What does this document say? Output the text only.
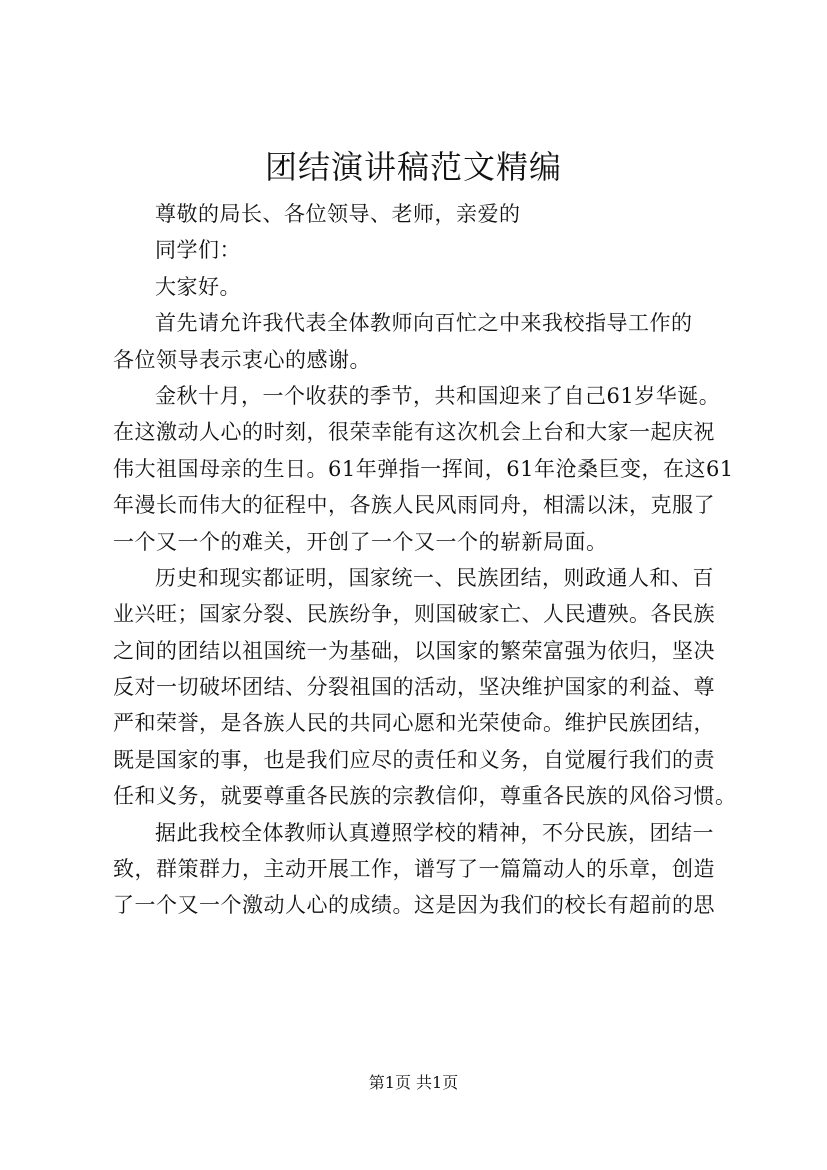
团结演讲稿范文精编
尊敬的局长、各位领导、老师，亲爱的
同学们：
大家好。
首先请允许我代表全体教师向百忙之中来我校指导工作的
各位领导表示衷心的感谢。
金秋十月，一个收获的季节，共和国迎来了自己61岁华诞。
在这激动人心的时刻，很荣幸能有这次机会上台和大家一起庆祝
伟大祖国母亲的生日。61年弹指一挥间，61年沧桑巨变，在这61
年漫长而伟大的征程中，各族人民风雨同舟，相濡以沫，克服了
一个又一个的难关，开创了一个又一个的崭新局面。
历史和现实都证明，国家统一、民族团结，则政通人和、百
业兴旺；国家分裂、民族纷争，则国破家亡、人民遭殃。各民族
之间的团结以祖国统一为基础，以国家的繁荣富强为依归，坚决
反对一切破坏团结、分裂祖国的活动，坚决维护国家的利益、尊
严和荣誉，是各族人民的共同心愿和光荣使命。维护民族团结，
既是国家的事，也是我们应尽的责任和义务，自觉履行我们的责
任和义务，就要尊重各民族的宗教信仰，尊重各民族的风俗习惯。
据此我校全体教师认真遵照学校的精神，不分民族，团结一
致，群策群力，主动开展工作，谱写了一篇篇动人的乐章，创造
了一个又一个激动人心的成绩。这是因为我们的校长有超前的思
第1页 共1页
